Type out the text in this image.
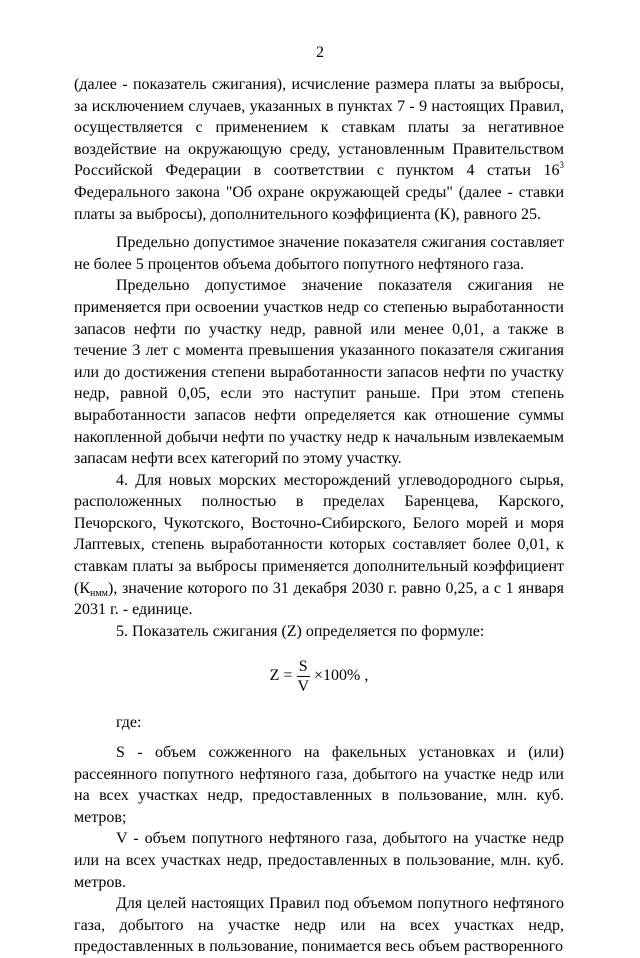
2

(далее - показатель сжигания), исчисление размера платы за выбросы, за исключением случаев, указанных в пунктах 7 - 9 настоящих Правил, осуществляется с применением к ставкам платы за негативное воздействие на окружающую среду, установленным Правительством Российской Федерации в соответствии с пунктом 4 статьи $16^3$ Федерального закона "Об охране окружающей среды" (далее - ставки платы за выбросы), дополнительного коэффициента (К), равного 25.

Предельно допустимое значение показателя сжигания составляет не более 5 процентов объема добытого попутного нефтяного газа.

Предельно допустимое значение показателя сжигания не применяется при освоении участков недр со степенью выработанности запасов нефти по участку недр, равной или менее 0,01, а также в течение 3 лет с момента превышения указанного показателя сжигания или до достижения степени выработанности запасов нефти по участку недр, равной 0,05, если это наступит раньше. При этом степень выработанности запасов нефти определяется как отношение суммы накопленной добычи нефти по участку недр к начальным извлекаемым запасам нефти всех категорий по этому участку.

4. Для новых морских месторождений углеводородного сырья, расположенных полностью в пределах Баренцева, Карского, Печорского, Чукотского, Восточно-Сибирского, Белого морей и моря Лаптевых, степень выработанности которых составляет более 0,01, к ставкам платы за выбросы применяется дополнительный коэффициент $(К_{нмм})$, значение которого по 31 декабря 2030 г. равно 0,25, а с 1 января 2031 г. - единице.

5. Показатель сжигания (Z) определяется по формуле:

Z
= $\frac{S}{V} \times 100\%$
,

где:

S - объем сожженного на факельных установках и (или) рассеянного попутного нефтяного газа, добытого на участке недр или на всех участках недр, предоставленных в пользование, млн. куб. метров;

V - объем попутного нефтяного газа, добытого на участке недр или на всех участках недр, предоставленных в пользование, млн. куб. метров.

Для целей настоящих Правил под объемом попутного нефтяного газа, добытого на участке недр или на всех участках недр, предоставленных в пользование, понимается весь объем растворенного
